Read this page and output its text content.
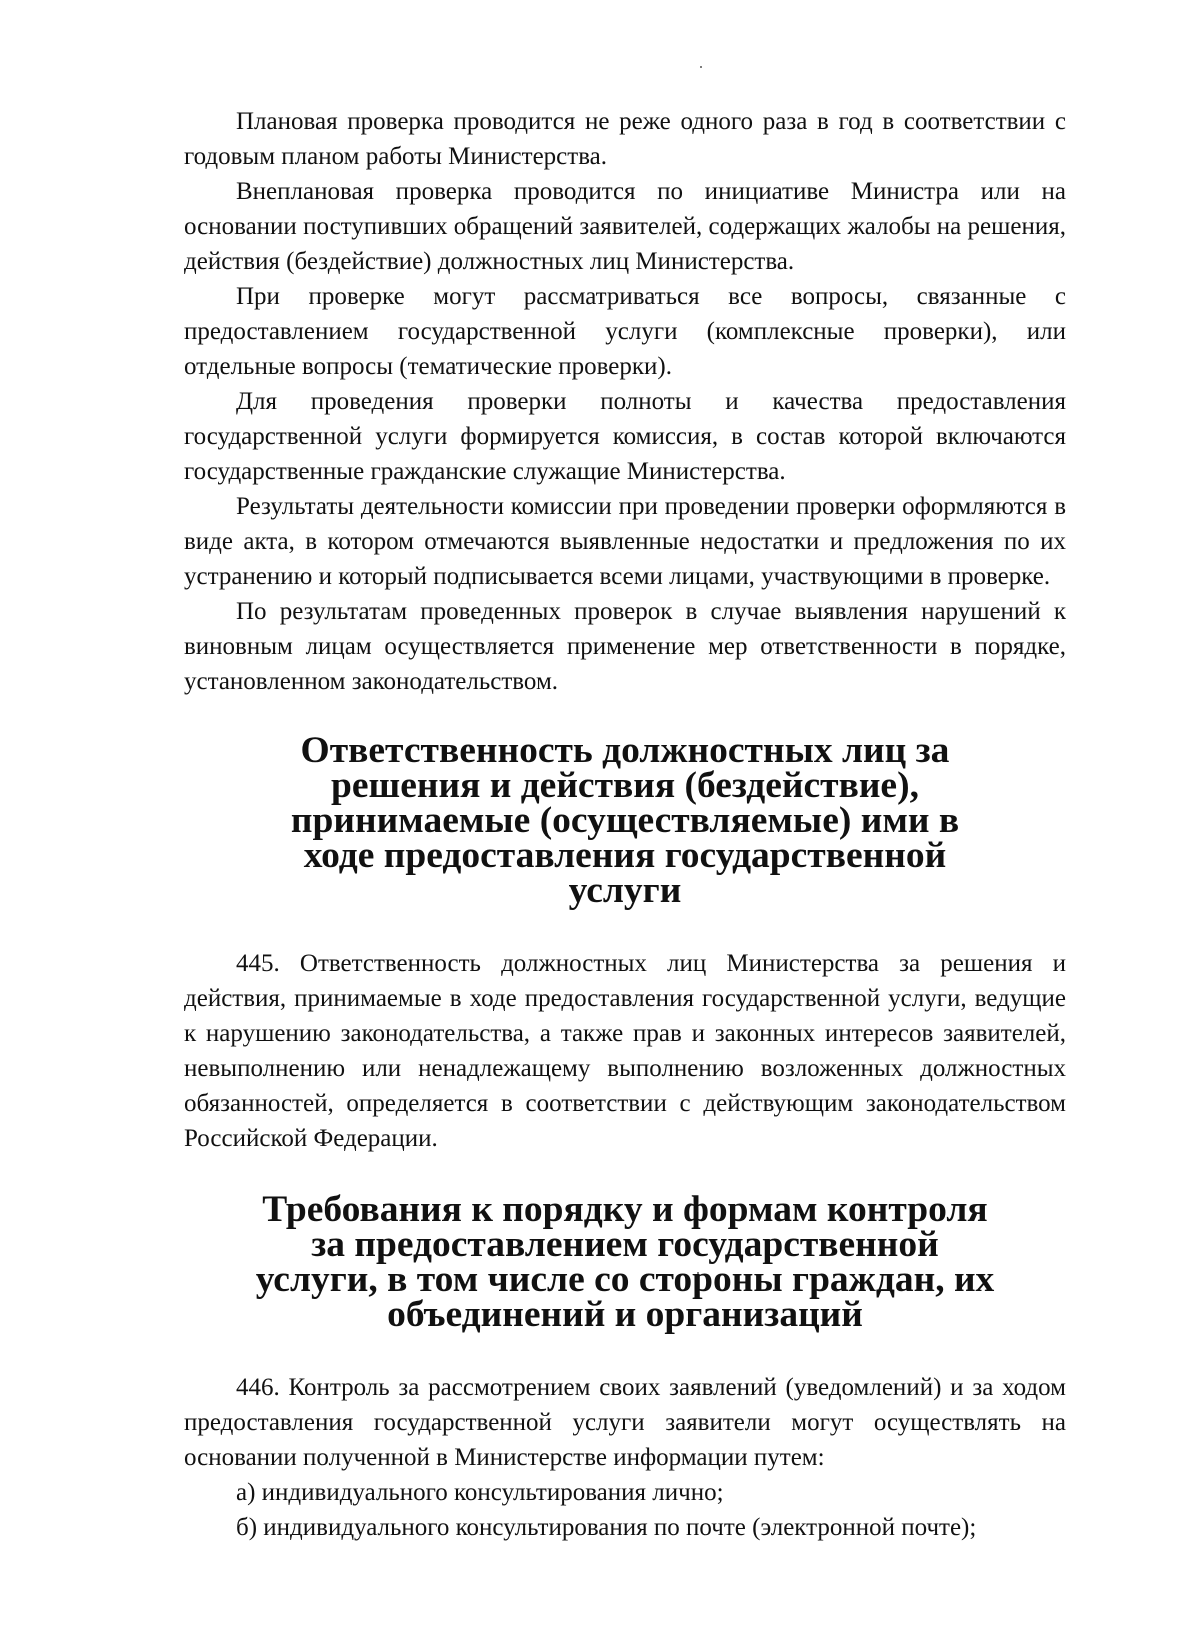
Плановая проверка проводится не реже одного раза в год в соответствии с годовым планом работы Министерства.

Внеплановая проверка проводится по инициативе Министра или на основании поступивших обращений заявителей, содержащих жалобы на решения, действия (бездействие) должностных лиц Министерства.

При проверке могут рассматриваться все вопросы, связанные с предоставлением государственной услуги (комплексные проверки), или отдельные вопросы (тематические проверки).

Для проведения проверки полноты и качества предоставления государственной услуги формируется комиссия, в состав которой включаются государственные гражданские служащие Министерства.

Результаты деятельности комиссии при проведении проверки оформляются в виде акта, в котором отмечаются выявленные недостатки и предложения по их устранению и который подписывается всеми лицами, участвующими в проверке.

По результатам проведенных проверок в случае выявления нарушений к виновным лицам осуществляется применение мер ответственности в порядке, установленном законодательством.

Ответственность должностных лиц за решения и действия (бездействие), принимаемые (осуществляемые) ими в ходе предоставления государственной услуги

445. Ответственность должностных лиц Министерства за решения и действия, принимаемые в ходе предоставления государственной услуги, ведущие к нарушению законодательства, а также прав и законных интересов заявителей, невыполнению или ненадлежащему выполнению возложенных должностных обязанностей, определяется в соответствии с действующим законодательством Российской Федерации.

Требования к порядку и формам контроля за предоставлением государственной услуги, в том числе со стороны граждан, их объединений и организаций

446. Контроль за рассмотрением своих заявлений (уведомлений) и за ходом предоставления государственной услуги заявители могут осуществлять на основании полученной в Министерстве информации путем:

а) индивидуального консультирования лично;

б) индивидуального консультирования по почте (электронной почте);
